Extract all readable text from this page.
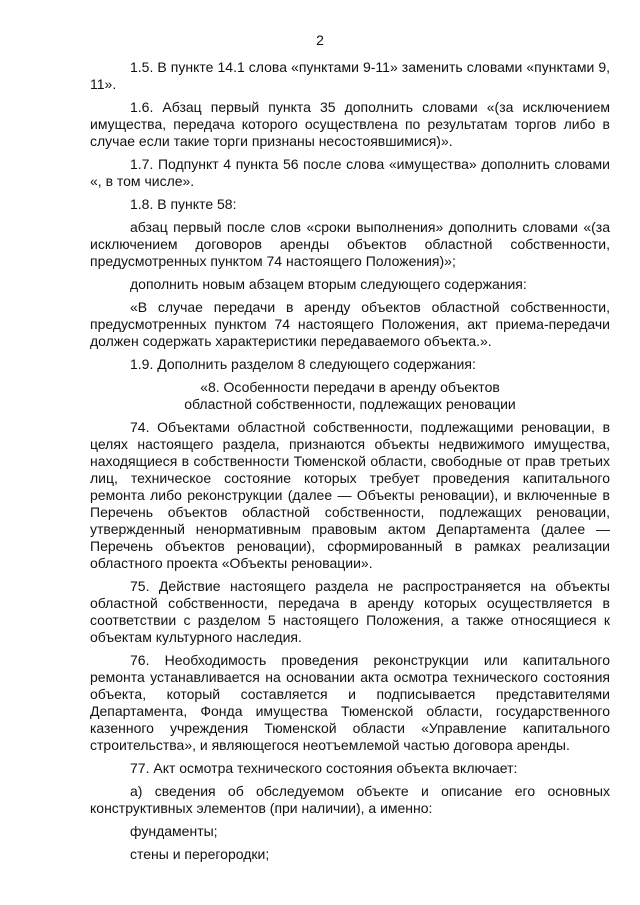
2

1.5. В пункте 14.1 слова «пунктами 9-11» заменить словами «пунктами 9, 11».

1.6. Абзац первый пункта 35 дополнить словами «(за исключением имущества, передача которого осуществлена по результатам торгов либо в случае если такие торги признаны несостоявшимися)».

1.7. Подпункт 4 пункта 56 после слова «имущества» дополнить словами «, в том числе».

1.8. В пункте 58:

абзац первый после слов «сроки выполнения» дополнить словами «(за исключением договоров аренды объектов областной собственности, предусмотренных пунктом 74 настоящего Положения)»;

дополнить новым абзацем вторым следующего содержания:

«В случае передачи в аренду объектов областной собственности, предусмотренных пунктом 74 настоящего Положения, акт приема-передачи должен содержать характеристики передаваемого объекта.».

1.9. Дополнить разделом 8 следующего содержания:

«8. Особенности передачи в аренду объектов
областной собственности, подлежащих реновации

74. Объектами областной собственности, подлежащими реновации, в целях настоящего раздела, признаются объекты недвижимого имущества, находящиеся в собственности Тюменской области, свободные от прав третьих лиц, техническое состояние которых требует проведения капитального ремонта либо реконструкции (далее — Объекты реновации), и включенные в Перечень объектов областной собственности, подлежащих реновации, утвержденный ненормативным правовым актом Департамента (далее — Перечень объектов реновации), сформированный в рамках реализации областного проекта «Объекты реновации».

75. Действие настоящего раздела не распространяется на объекты областной собственности, передача в аренду которых осуществляется в соответствии с разделом 5 настоящего Положения, а также относящиеся к объектам культурного наследия.

76. Необходимость проведения реконструкции или капитального ремонта устанавливается на основании акта осмотра технического состояния объекта, который составляется и подписывается представителями Департамента, Фонда имущества Тюменской области, государственного казенного учреждения Тюменской области «Управление капитального строительства», и являющегося неотъемлемой частью договора аренды.

77. Акт осмотра технического состояния объекта включает:

а) сведения об обследуемом объекте и описание его основных конструктивных элементов (при наличии), а именно:

фундаменты;

стены и перегородки;
